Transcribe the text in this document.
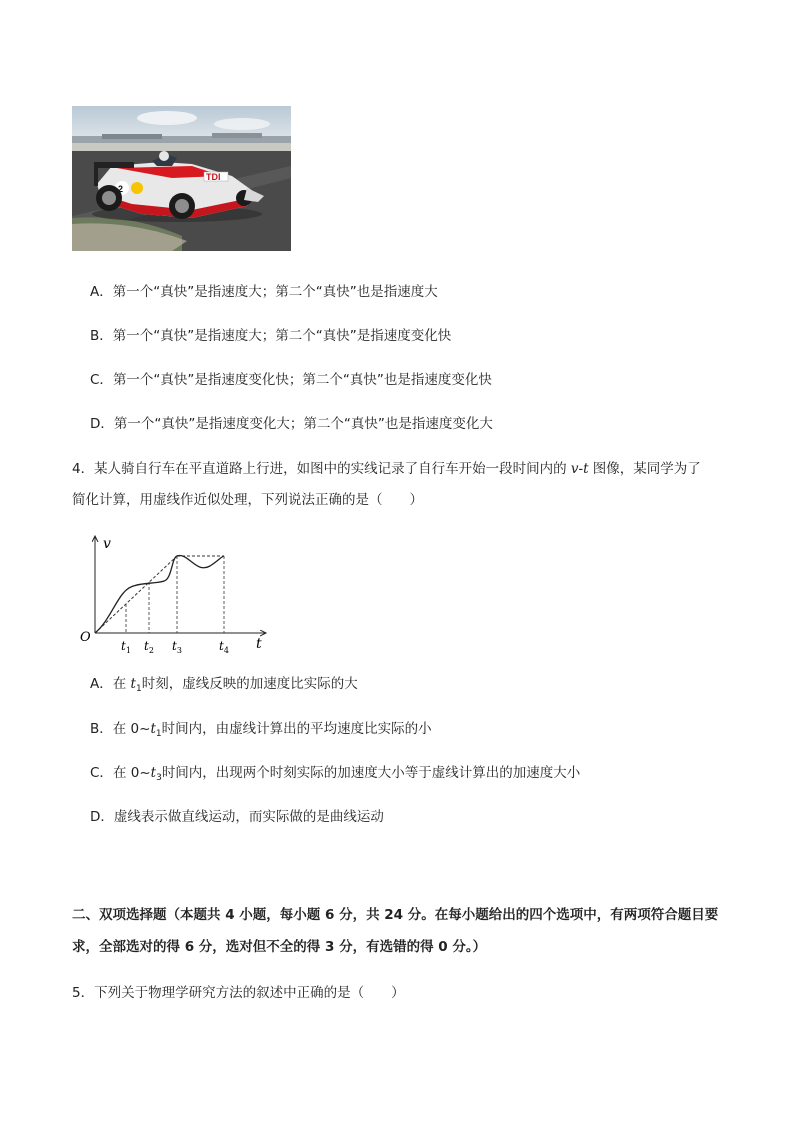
TDI
2
A．第一个“真快”是指速度大；第二个“真快”也是指速度大
B．第一个“真快”是指速度大；第二个“真快”是指速度变化快
C．第一个“真快”是指速度变化快；第二个“真快”也是指速度变化快
D．第一个“真快”是指速度变化大；第二个“真快”也是指速度变化大
4．某人骑自行车在平直道路上行进，如图中的实线记录了自行车开始一段时间内的 v-t 图像，某同学为了
简化计算，用虚线作近似处理，下列说法正确的是（　　）
v
t
O
$t_1$ $t_2$ $t_3$	$t_4$
A．在 $t_1$时刻，虚线反映的加速度比实际的大
B．在 $0\sim t_1$时间内，由虚线计算出的平均速度比实际的小
C．在 $0\sim t_3$时间内，出现两个时刻实际的加速度大小等于虚线计算出的加速度大小
D．虚线表示做直线运动，而实际做的是曲线运动
二、双项选择题（本题共 4 小题，每小题 6 分，共 24 分。在每小题给出的四个选项中，有两项符合题目要
求，全部选对的得 6 分，选对但不全的得 3 分，有选错的得 0 分。）
5．下列关于物理学研究方法的叙述中正确的是（　　）
